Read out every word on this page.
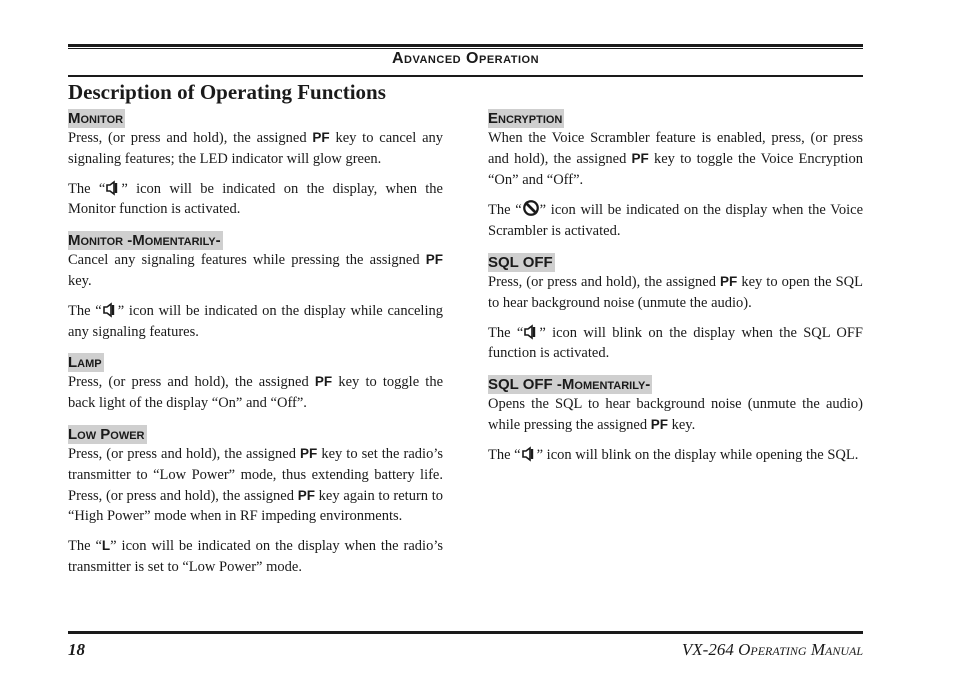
Advanced Operation
Description of Operating Functions
Monitor

Press, (or press and hold), the assigned PF key to cancel any signaling features; the LED indicator will glow green.

The “ ” icon will be indicated on the display, when the Monitor function is activated.

Monitor -Momentarily-

Cancel any signaling features while pressing the assigned PF key.

The “ ” icon will be indicated on the display while canceling any signaling features.

Lamp

Press, (or press and hold), the assigned PF key to toggle the back light of the display “On” and “Off”.

Low Power

Press, (or press and hold), the assigned PF key to set the radio’s transmitter to “Low Power” mode, thus extending battery life. Press, (or press and hold), the assigned PF key again to return to “High Power” mode when in RF impeding environments.

The “L” icon will be indicated on the display when the radio’s transmitter is set to “Low Power” mode.

Encryption

When the Voice Scrambler feature is enabled, press, (or press and hold), the assigned PF key to toggle the Voice Encryption “On” and “Off”.

The “ ” icon will be indicated on the display when the Voice Scrambler is activated.

SQL OFF

Press, (or press and hold), the assigned PF key to open the SQL to hear background noise (unmute the audio).

The “ ” icon will blink on the display when the SQL OFF function is activated.

SQL OFF -Momentarily-

Opens the SQL to hear background noise (unmute the audio) while pressing the assigned PF key.

The “ ” icon will blink on the display while opening the SQL.

18	VX-264 Operating Manual
